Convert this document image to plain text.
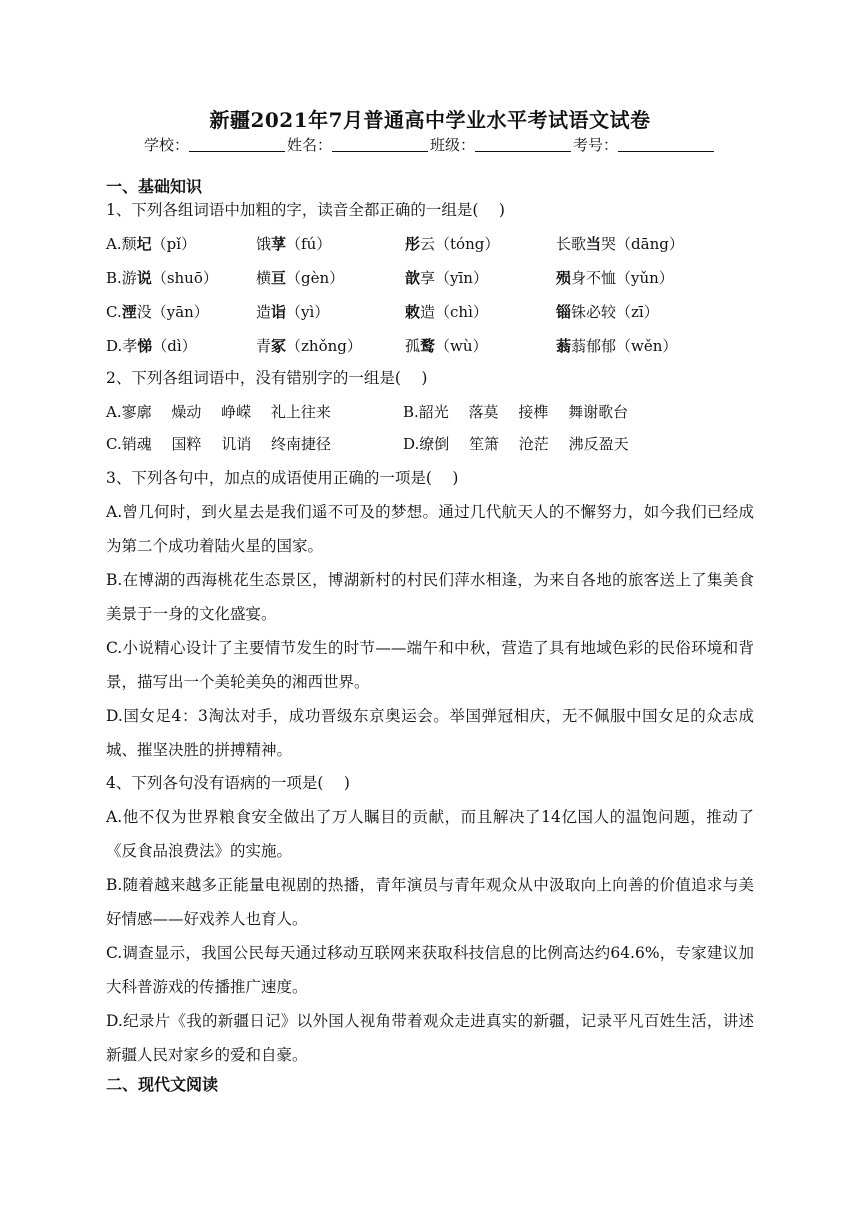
新疆2021年7月普通高中学业水平考试语文试卷
学校：	姓名：	班级：	考号：
一、基础知识
1、下列各组词语中加粗的字，读音全都正确的一组是(　 )
A.颓圮（pǐ）	饿莩（fú）	彤云（tóng）	长歌当哭（dāng）
B.游说（shuō）	横亘（gèn）	歆享（yīn）	殒身不恤（yǔn）
C.湮没（yān）	造诣（yì）	敕造（chì）	锱铢必较（zī）
D.孝悌（dì）	青冢（zhǒng）	孤鹜（wù）	蓊蓊郁郁（wěn）
2、下列各组词语中，没有错别字的一组是(　 )
A.寥廓　 燥动　 峥嵘　 礼上往来	B.韶光　 落莫　 接榫　 舞谢歌台
C.销魂　 国粹　 讥诮　 终南捷径	D.缭倒　 笙箫　 沧茫　 沸反盈天
3、下列各句中，加点的成语使用正确的一项是(　 )
A.曾几何时，到火星去是我们遥不可及的梦想。通过几代航天人的不懈努力，如今我们已经成为第二个成功着陆火星的国家。
B.在博湖的西海桃花生态景区，博湖新村的村民们萍水相逢，为来自各地的旅客送上了集美食美景于一身的文化盛宴。
C.小说精心设计了主要情节发生的时节——端午和中秋，营造了具有地域色彩的民俗环境和背景，描写出一个美轮美奂的湘西世界。
D.国女足4：3淘汰对手，成功晋级东京奥运会。举国弹冠相庆，无不佩服中国女足的众志成城、摧坚决胜的拼搏精神。
4、下列各句没有语病的一项是(　 )
A.他不仅为世界粮食安全做出了万人瞩目的贡献，而且解决了14亿国人的温饱问题，推动了《反食品浪费法》的实施。
B.随着越来越多正能量电视剧的热播，青年演员与青年观众从中汲取向上向善的价值追求与美好情感——好戏养人也育人。
C.调查显示，我国公民每天通过移动互联网来获取科技信息的比例高达约64.6%，专家建议加大科普游戏的传播推广速度。
D.纪录片《我的新疆日记》以外国人视角带着观众走进真实的新疆，记录平凡百姓生活，讲述新疆人民对家乡的爱和自豪。
二、现代文阅读
